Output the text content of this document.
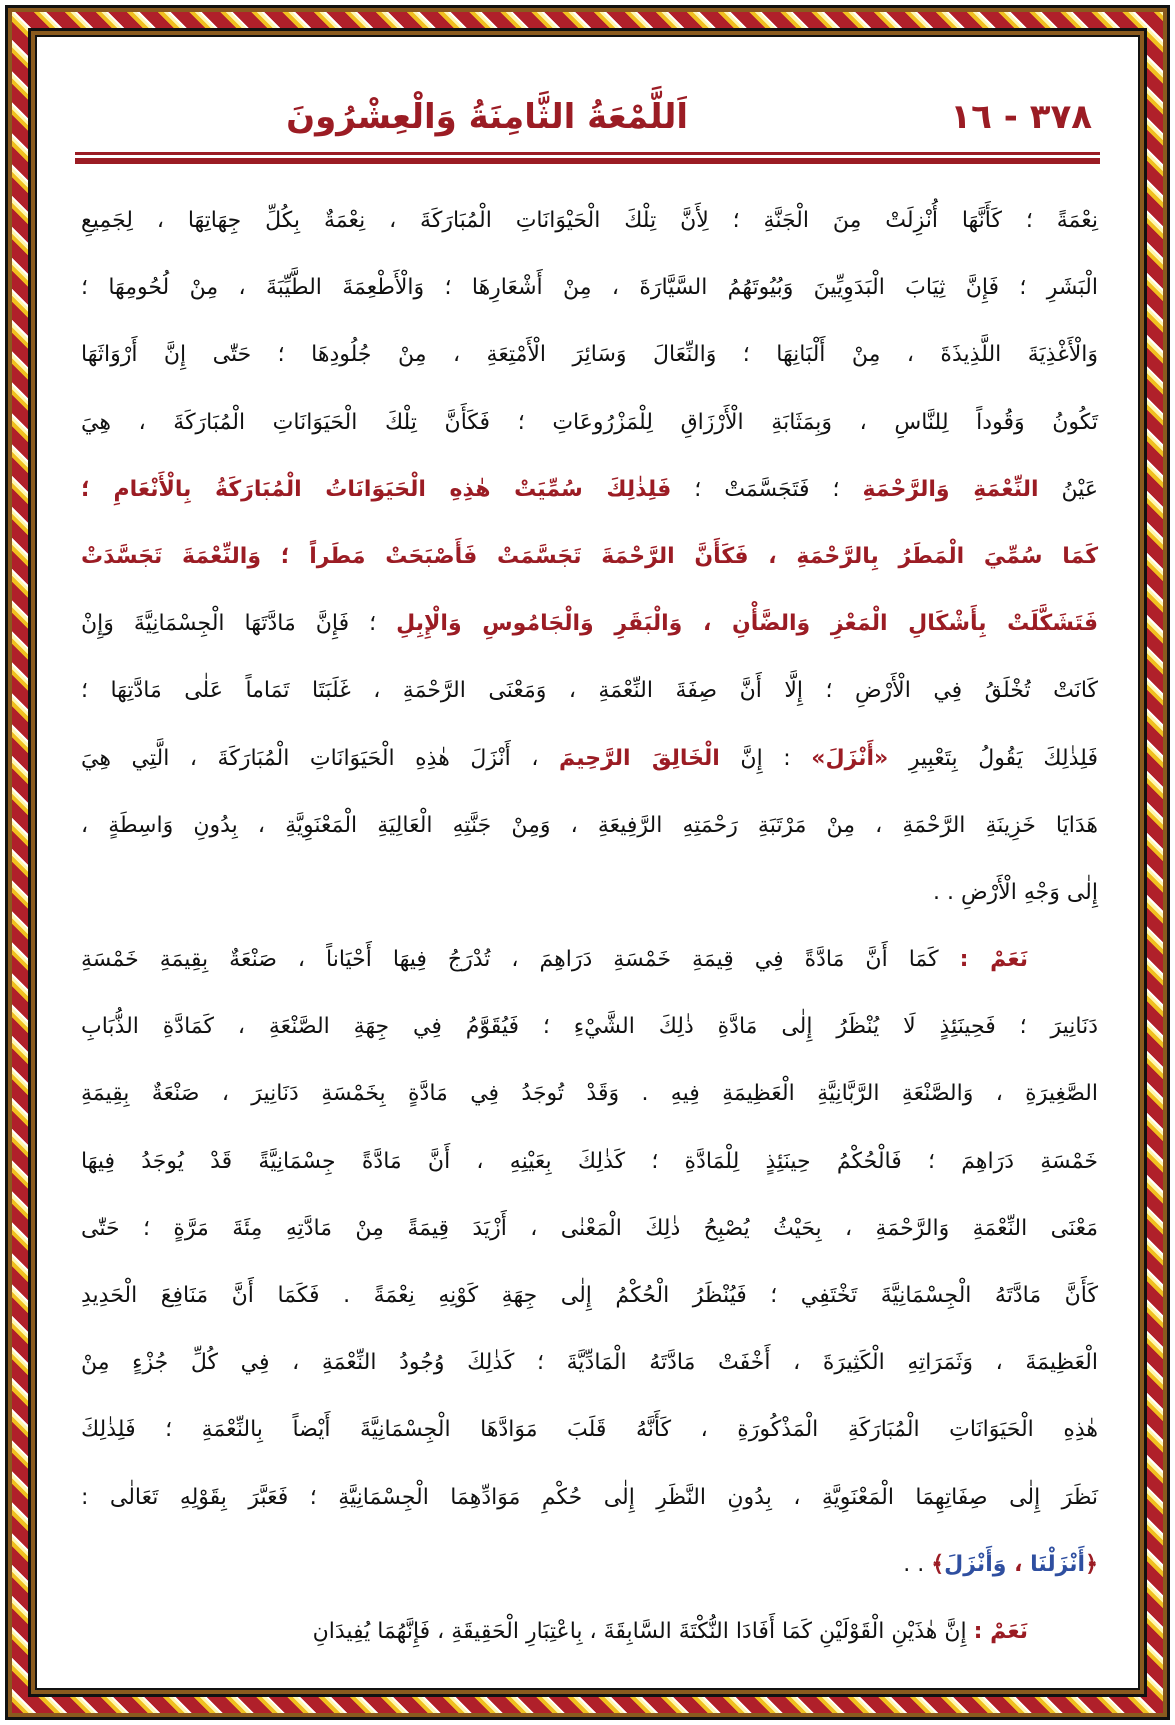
٣٧٨ - ١٦
اَللَّمْعَةُ الثَّامِنَةُ وَالْعِشْرُونَ
نِعْمَةً ؛ كَأَنَّهَا أُنْزِلَتْ مِنَ الْجَنَّةِ ؛ لِأَنَّ تِلْكَ الْحَيْوَانَاتِ الْمُبَارَكَةَ ، نِعْمَةٌ بِكُلِّ جِهَاتِهَا ، لِجَمِيعِ
الْبَشَرِ ؛ فَإِنَّ ثِيَابَ الْبَدَوِيِّينَ وَبُيُوتَهُمُ السَّيَّارَةَ ، مِنْ أَشْعَارِهَا ؛ وَالْأَطْعِمَةَ الطَّيِّبَةَ ، مِنْ لُحُومِهَا ؛
وَالْأَغْذِيَةَ اللَّذِيذَةَ ، مِنْ أَلْبَانِهَا ؛ وَالنِّعَالَ وَسَائِرَ الْأَمْتِعَةِ ، مِنْ جُلُودِهَا ؛ حَتّٰى إِنَّ أَرْوَاثَهَا
تَكُونُ وَقُوداً لِلنَّاسِ ، وَبِمَثَابَةِ الْأَرْزَاقِ لِلْمَزْرُوعَاتِ ؛ فَكَأَنَّ تِلْكَ الْحَيَوَانَاتِ الْمُبَارَكَةَ ، هِيَ
عَيْنُ النِّعْمَةِ وَالرَّحْمَةِ ؛ فَتَجَسَّمَتْ ؛ فَلِذٰلِكَ سُمِّيَتْ هٰذِهِ الْحَيَوَانَاتُ الْمُبَارَكَةُ بِالْأَنْعَامِ ؛
كَمَا سُمِّيَ الْمَطَرُ بِالرَّحْمَةِ ، فَكَأَنَّ الرَّحْمَةَ تَجَسَّمَتْ فَأَصْبَحَتْ مَطَراً ؛ وَالنِّعْمَةَ تَجَسَّدَتْ
فَتَشَكَّلَتْ بِأَشْكَالِ الْمَعْزِ وَالضَّأْنِ ، وَالْبَقَرِ وَالْجَامُوسِ وَالْإِبِلِ ؛ فَإِنَّ مَادَّتَهَا الْجِسْمَانِيَّةَ وَإِنْ
كَانَتْ تُخْلَقُ فِي الْأَرْضِ ؛ إِلَّا أَنَّ صِفَةَ النِّعْمَةِ ، وَمَعْنَى الرَّحْمَةِ ، غَلَبَتَا تَمَاماً عَلٰى مَادَّتِهَا ؛
فَلِذٰلِكَ يَقُولُ بِتَعْبِيرِ «أَنْزَلَ» : إِنَّ الْخَالِقَ الرَّحِيمَ ، أَنْزَلَ هٰذِهِ الْحَيَوَانَاتِ الْمُبَارَكَةَ ، الَّتِي هِيَ
هَدَايَا خَزِينَةِ الرَّحْمَةِ ، مِنْ مَرْتَبَةِ رَحْمَتِهِ الرَّفِيعَةِ ، وَمِنْ جَنَّتِهِ الْعَالِيَةِ الْمَعْنَوِيَّةِ ، بِدُونِ وَاسِطَةٍ ،
إِلٰى وَجْهِ الْأَرْضِ . .
نَعَمْ : كَمَا أَنَّ مَادَّةً فِي قِيمَةِ خَمْسَةِ دَرَاهِمَ ، تُدْرَجُ فِيهَا أَحْيَاناً ، صَنْعَةٌ بِقِيمَةِ خَمْسَةِ
دَنَانِيرَ ؛ فَحِينَئِذٍ لَا يُنْظَرُ إِلٰى مَادَّةِ ذٰلِكَ الشَّيْءِ ؛ فَيُقَوَّمُ فِي جِهَةِ الصَّنْعَةِ ، كَمَادَّةِ الذُّبَابِ
الصَّغِيرَةِ ، وَالصَّنْعَةِ الرَّبَّانِيَّةِ الْعَظِيمَةِ فِيهِ . وَقَدْ تُوجَدُ فِي مَادَّةٍ بِخَمْسَةِ دَنَانِيرَ ، صَنْعَةٌ بِقِيمَةِ
خَمْسَةِ دَرَاهِمَ ؛ فَالْحُكْمُ حِينَئِذٍ لِلْمَادَّةِ ؛ كَذٰلِكَ بِعَيْنِهِ ، أَنَّ مَادَّةً جِسْمَانِيَّةً قَدْ يُوجَدُ فِيهَا
مَعْنَى النِّعْمَةِ وَالرَّحْمَةِ ، بِحَيْثُ يُصْبِحُ ذٰلِكَ الْمَعْنٰى ، أَزْيَدَ قِيمَةً مِنْ مَادَّتِهِ مِئَةَ مَرَّةٍ ؛ حَتّٰى
كَأَنَّ مَادَّتَهُ الْجِسْمَانِيَّةَ تَخْتَفِي ؛ فَيُنْظَرُ الْحُكْمُ إِلٰى جِهَةِ كَوْنِهِ نِعْمَةً . فَكَمَا أَنَّ مَنَافِعَ الْحَدِيدِ
الْعَظِيمَةَ ، وَثَمَرَاتِهِ الْكَثِيرَةَ ، أَخْفَتْ مَادَّتَهُ الْمَادِّيَّةَ ؛ كَذٰلِكَ وُجُودُ النِّعْمَةِ ، فِي كُلِّ جُزْءٍ مِنْ
هٰذِهِ الْحَيَوَانَاتِ الْمُبَارَكَةِ الْمَذْكُورَةِ ، كَأَنَّهُ قَلَبَ مَوَادَّهَا الْجِسْمَانِيَّةَ أَيْضاً بِالنِّعْمَةِ ؛ فَلِذٰلِكَ
نَظَرَ إِلٰى صِفَاتِهِمَا الْمَعْنَوِيَّةِ ، بِدُونِ النَّظَرِ إِلٰى حُكْمِ مَوَادِّهِمَا الْجِسْمَانِيَّةِ ؛ فَعَبَّرَ بِقَوْلِهِ تَعَالٰى :
﴿أَنْزَلْنَا ، وَأَنْزَلَ﴾ . .
نَعَمْ : إِنَّ هٰذَيْنِ الْقَوْلَيْنِ كَمَا أَفَادَا النُّكْتَةَ السَّابِقَةَ ، بِاعْتِبَارِ الْحَقِيقَةِ ، فَإِنَّهُمَا يُفِيدَانِ
